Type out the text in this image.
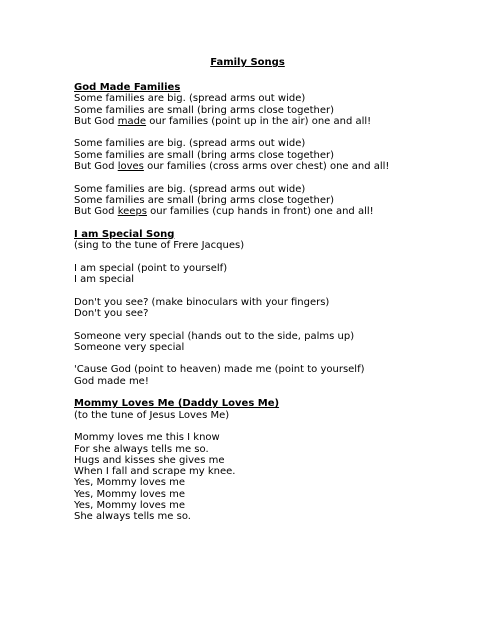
Family Songs
God Made Families
Some families are big. (spread arms out wide)
Some families are small (bring arms close together)
But God made our families (point up in the air) one and all!
Some families are big. (spread arms out wide)
Some families are small (bring arms close together)
But God loves our families (cross arms over chest) one and all!
Some families are big. (spread arms out wide)
Some families are small (bring arms close together)
But God keeps our families (cup hands in front) one and all!
I am Special Song
(sing to the tune of Frere Jacques)
I am special (point to yourself)
I am special
Don't you see? (make binoculars with your fingers)
Don't you see?
Someone very special (hands out to the side, palms up)
Someone very special
'Cause God (point to heaven) made me (point to yourself)
God made me!
Mommy Loves Me (Daddy Loves Me)
(to the tune of Jesus Loves Me)
Mommy loves me this I know
For she always tells me so.
Hugs and kisses she gives me
When I fall and scrape my knee.
Yes, Mommy loves me
Yes, Mommy loves me
Yes, Mommy loves me
She always tells me so.
